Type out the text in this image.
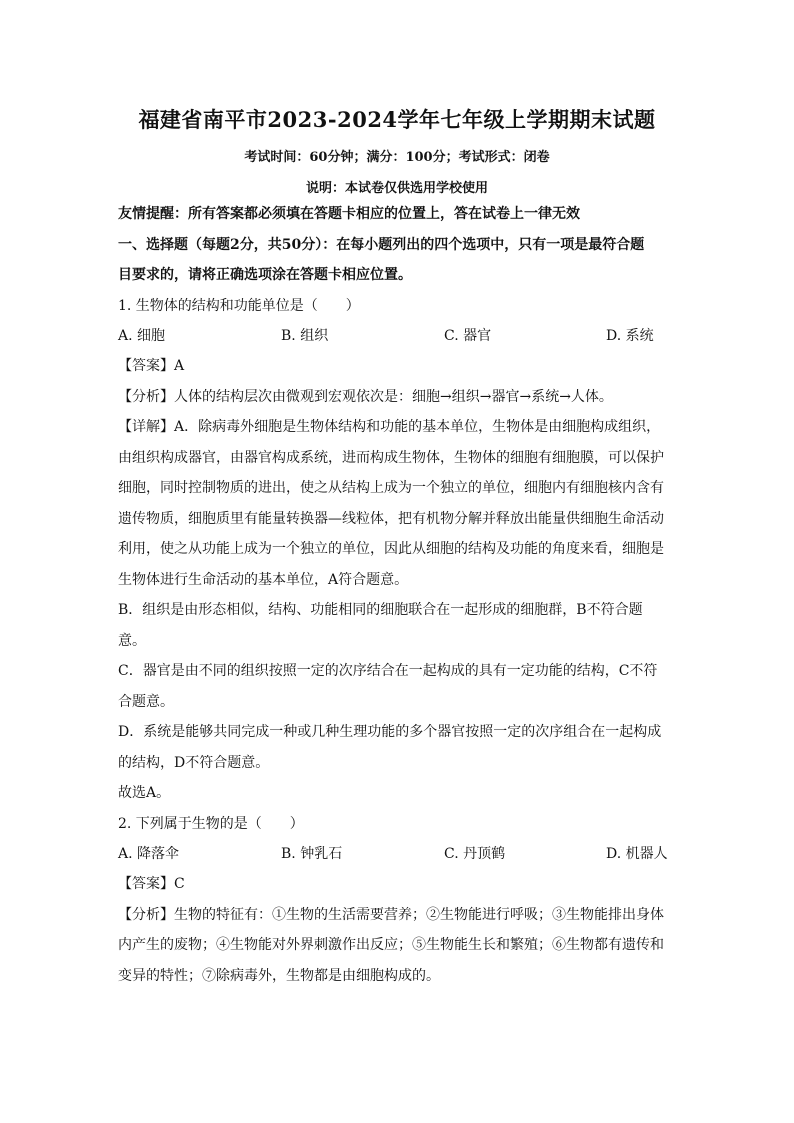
福建省南平市2023-2024学年七年级上学期期末试题
考试时间：60分钟；满分：100分；考试形式：闭卷
说明：本试卷仅供选用学校使用

友情提醒：所有答案都必须填在答题卡相应的位置上，答在试卷上一律无效

一、选择题（每题2分，共50分）：在每小题列出的四个选项中，只有一项是最符合题

目要求的，请将正确选项涂在答题卡相应位置。

1. 生物体的结构和功能单位是（　　）

A. 细胞	B. 组织	C. 器官	D. 系统

【答案】A

【分析】人体的结构层次由微观到宏观依次是：细胞→组织→器官→系统→人体。

【详解】A．除病毒外细胞是生物体结构和功能的基本单位，生物体是由细胞构成组织，

由组织构成器官，由器官构成系统，进而构成生物体，生物体的细胞有细胞膜，可以保护

细胞，同时控制物质的进出，使之从结构上成为一个独立的单位，细胞内有细胞核内含有

遗传物质，细胞质里有能量转换器—线粒体，把有机物分解并释放出能量供细胞生命活动

利用，使之从功能上成为一个独立的单位，因此从细胞的结构及功能的角度来看，细胞是

生物体进行生命活动的基本单位，A符合题意。

B．组织是由形态相似，结构、功能相同的细胞联合在一起形成的细胞群，B不符合题

意。

C．器官是由不同的组织按照一定的次序结合在一起构成的具有一定功能的结构，C不符

合题意。

D．系统是能够共同完成一种或几种生理功能的多个器官按照一定的次序组合在一起构成

的结构，D不符合题意。

故选A。

2. 下列属于生物的是（　　）

A. 降落伞	B. 钟乳石	C. 丹顶鹤	D. 机器人

【答案】C

【分析】生物的特征有：①生物的生活需要营养；②生物能进行呼吸；③生物能排出身体

内产生的废物；④生物能对外界刺激作出反应；⑤生物能生长和繁殖；⑥生物都有遗传和

变异的特性；⑦除病毒外，生物都是由细胞构成的。
